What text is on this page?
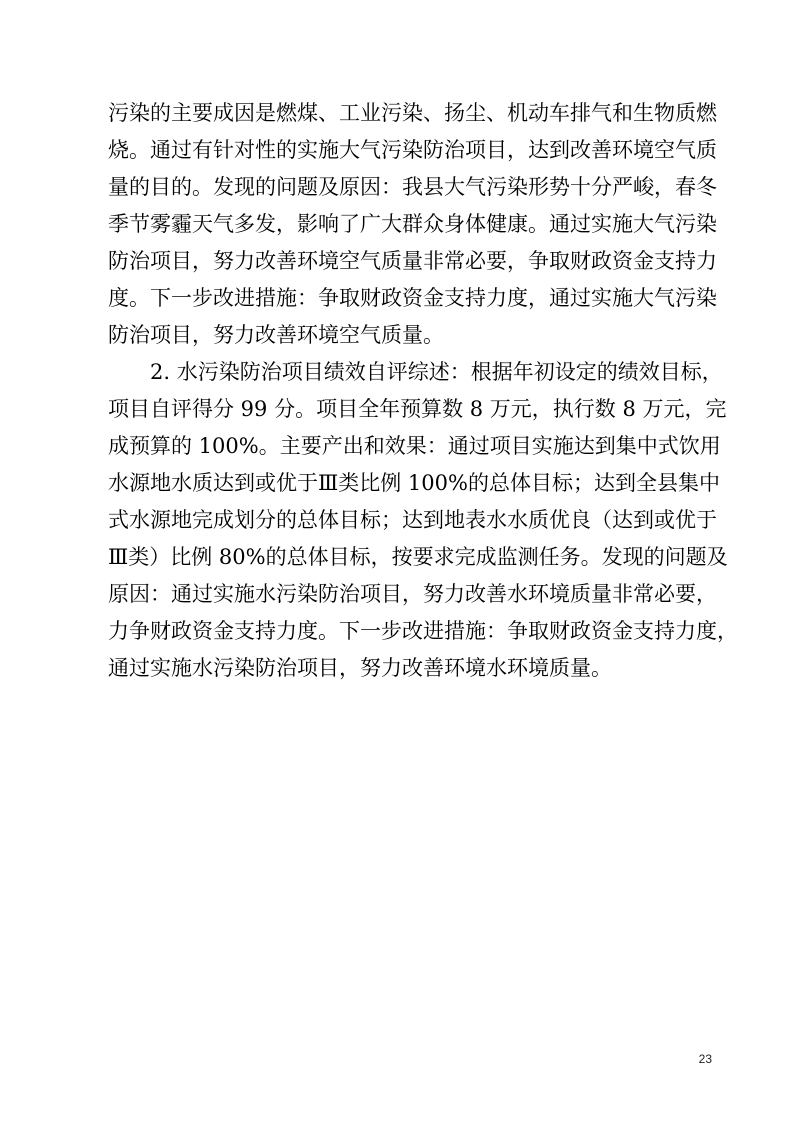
污染的主要成因是燃煤、工业污染、扬尘、机动车排气和生物质燃
烧。通过有针对性的实施大气污染防治项目，达到改善环境空气质
量的目的。发现的问题及原因：我县大气污染形势十分严峻，春冬
季节雾霾天气多发，影响了广大群众身体健康。通过实施大气污染
防治项目，努力改善环境空气质量非常必要，争取财政资金支持力
度。下一步改进措施：争取财政资金支持力度，通过实施大气污染
防治项目，努力改善环境空气质量。
　　2. 水污染防治项目绩效自评综述：根据年初设定的绩效目标，
项目自评得分 99 分。项目全年预算数 8 万元，执行数 8 万元，完
成预算的 100%。主要产出和效果：通过项目实施达到集中式饮用
水源地水质达到或优于Ⅲ类比例 100%的总体目标；达到全县集中
式水源地完成划分的总体目标；达到地表水水质优良（达到或优于
Ⅲ类）比例 80%的总体目标，按要求完成监测任务。发现的问题及
原因：通过实施水污染防治项目，努力改善水环境质量非常必要，
力争财政资金支持力度。下一步改进措施：争取财政资金支持力度，
通过实施水污染防治项目，努力改善环境水环境质量。
23
